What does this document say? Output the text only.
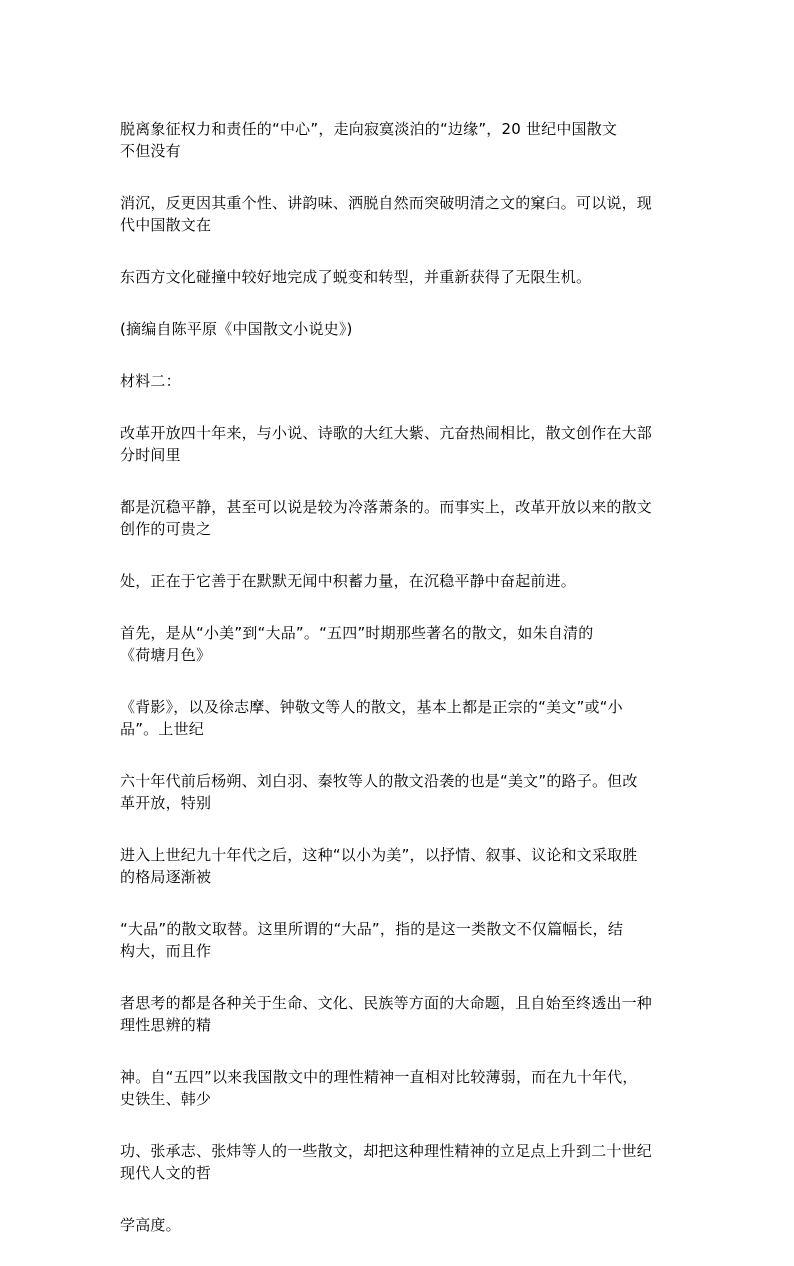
脱离象征权力和责任的“中心”，走向寂寞淡泊的“边缘”，20 世纪中国散文
不但没有

消沉，反更因其重个性、讲韵味、洒脱自然而突破明清之文的窠臼。可以说，现
代中国散文在

东西方文化碰撞中较好地完成了蜕变和转型，并重新获得了无限生机。

(摘编自陈平原《中国散文小说史》)

材料二：

改革开放四十年来，与小说、诗歌的大红大紫、亢奋热闹相比，散文创作在大部
分时间里

都是沉稳平静，甚至可以说是较为冷落萧条的。而事实上，改革开放以来的散文
创作的可贵之

处，正在于它善于在默默无闻中积蓄力量，在沉稳平静中奋起前进。

首先，是从“小美”到“大品”。“五四”时期那些著名的散文，如朱自清的
《荷塘月色》

《背影》，以及徐志摩、钟敬文等人的散文，基本上都是正宗的“美文”或“小
品”。上世纪

六十年代前后杨朔、刘白羽、秦牧等人的散文沿袭的也是“美文”的路子。但改
革开放，特别

进入上世纪九十年代之后，这种“以小为美”，以抒情、叙事、议论和文采取胜
的格局逐渐被

“大品”的散文取替。这里所谓的“大品”，指的是这一类散文不仅篇幅长，结
构大，而且作

者思考的都是各种关于生命、文化、民族等方面的大命题，且自始至终透出一种
理性思辨的精

神。自“五四”以来我国散文中的理性精神一直相对比较薄弱，而在九十年代，
史铁生、韩少

功、张承志、张炜等人的一些散文，却把这种理性精神的立足点上升到二十世纪
现代人文的哲

学高度。
